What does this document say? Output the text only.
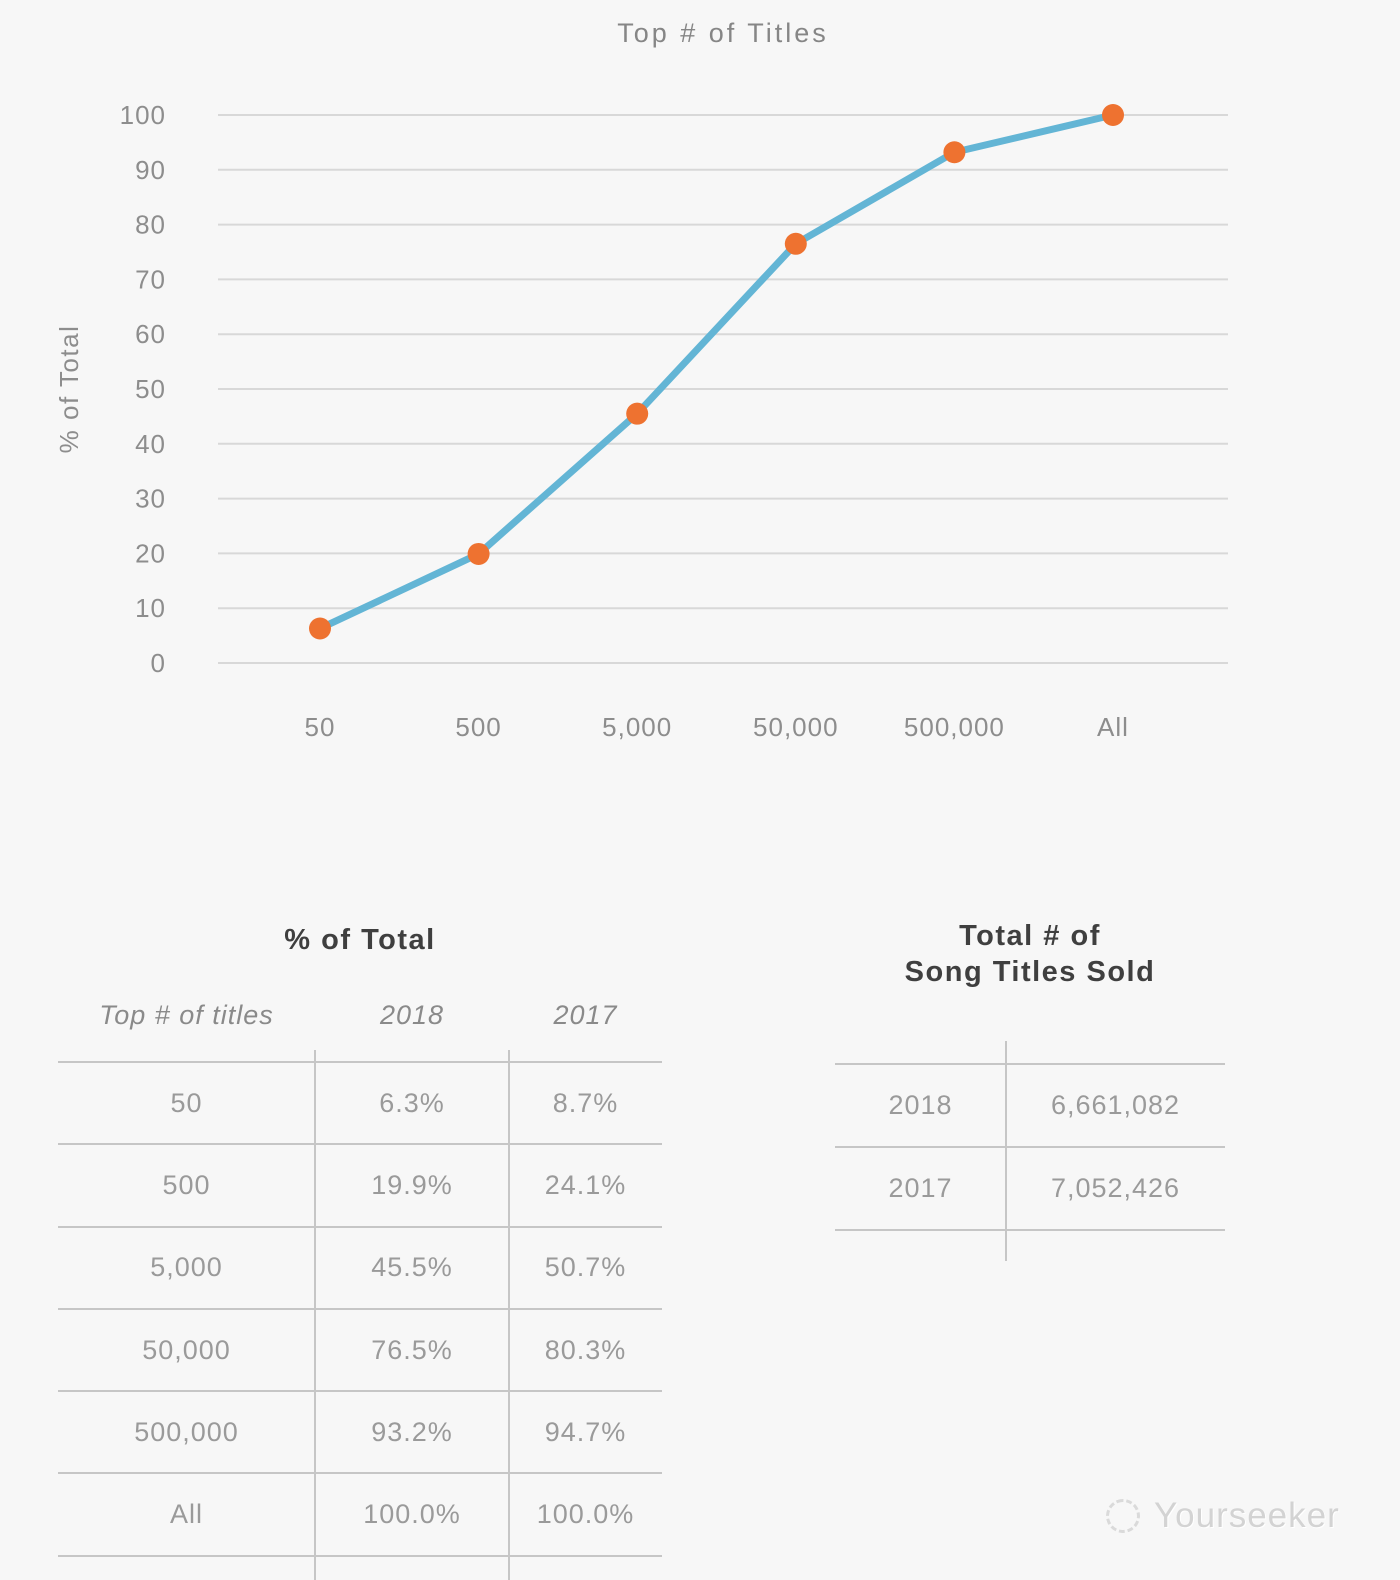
Top # of Titles
0
10
20
30
40
50
60
70
80
90
100
% of Total
50	500	5,000	50,000	500,000	All
% of Total
Top # of titles	2018	2017
50	6.3%	8.7%
500	19.9%	24.1%
5,000	45.5%	50.7%
50,000	76.5%	80.3%
500,000	93.2%	94.7%
All	100.0%	100.0%
Total # of
Song Titles Sold
2018	6,661,082
2017	7,052,426
Yourseeker
